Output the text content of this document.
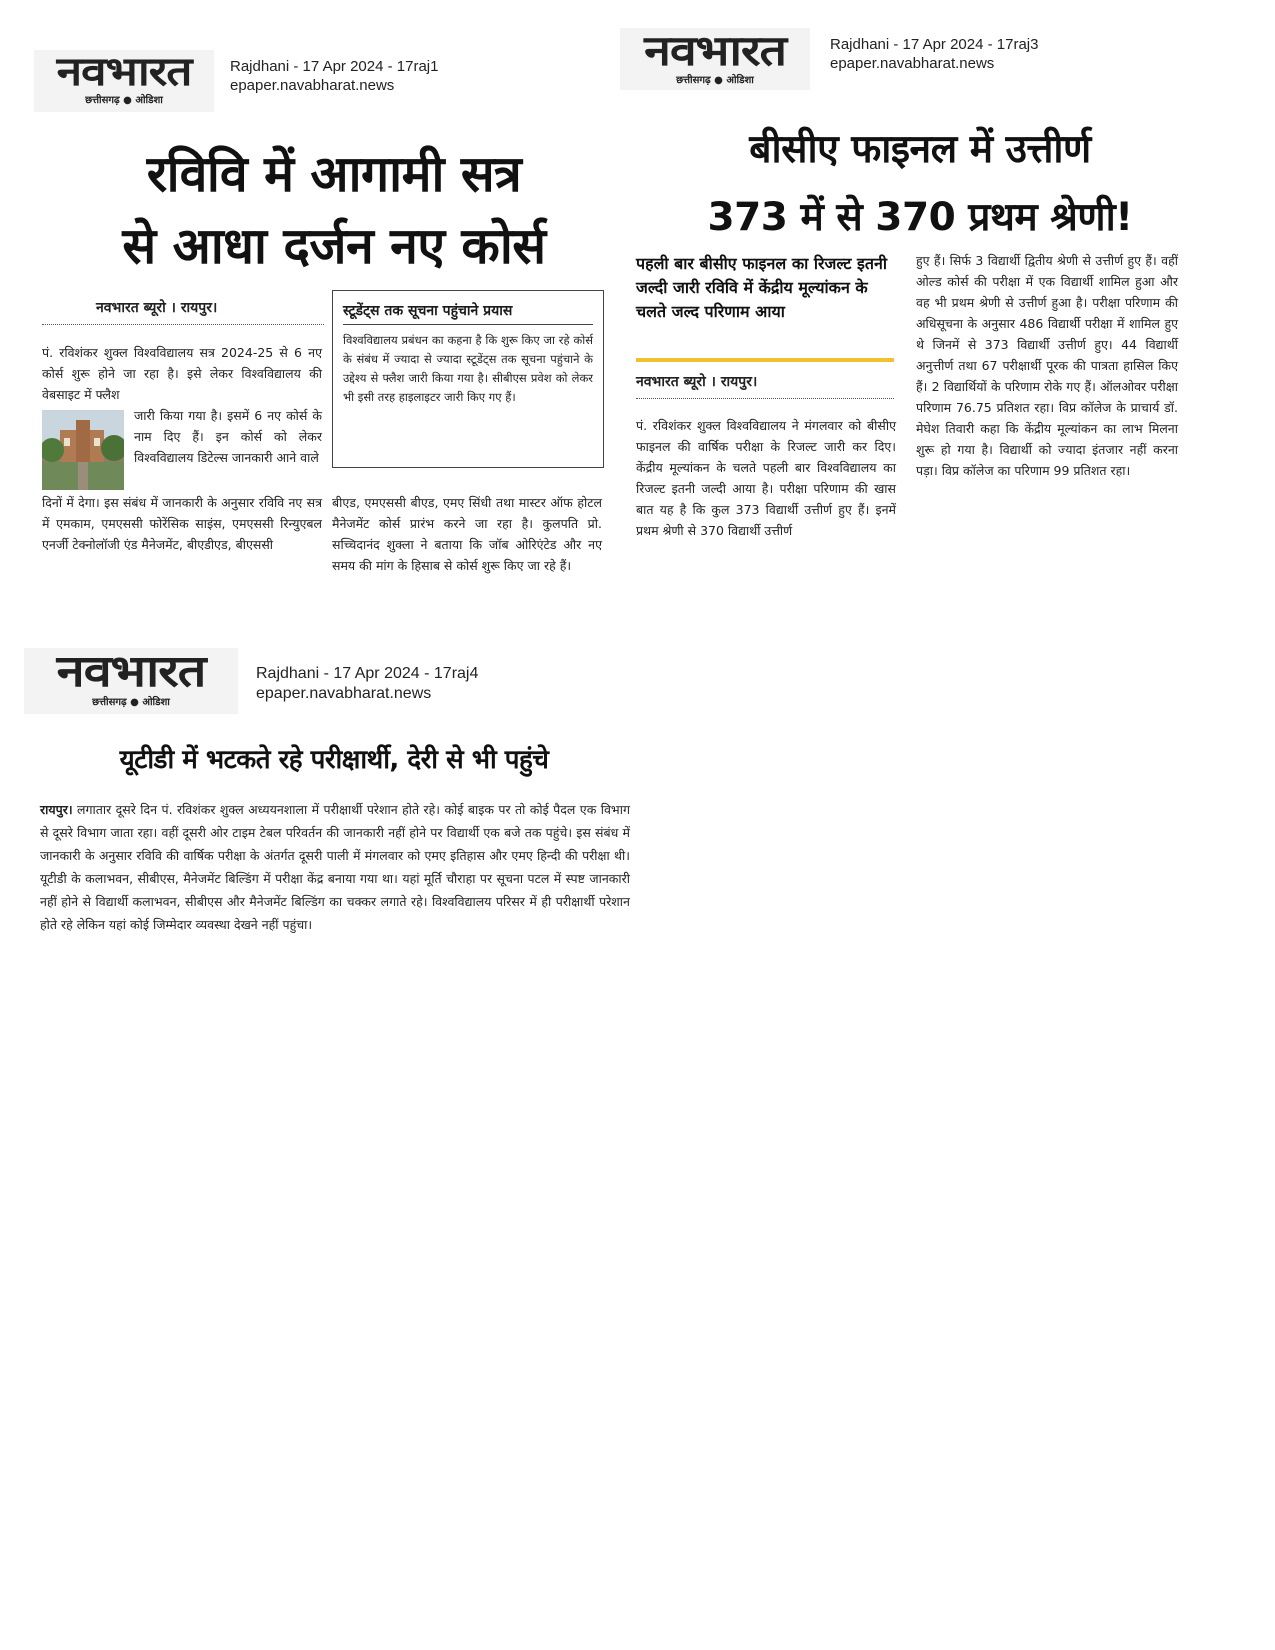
नवभारत
छत्तीसगढ़ ● ओडिशा
Rajdhani - 17 Apr 2024 - 17raj1
epaper.navabharat.news
रविवि में आगामी सत्र
से आधा दर्जन नए कोर्स
नवभारत ब्यूरो । रायपुर।

पं. रविशंकर शुक्ल विश्वविद्यालय सत्र 2024-25 से 6 नए कोर्स शुरू होने जा रहा है। इसे लेकर विश्वविद्यालय की वेबसाइट में फ्लैश

जारी किया गया है। इसमें 6 नए कोर्स के नाम दिए हैं। इन कोर्स को लेकर विश्वविद्यालय डिटेल्स जानकारी आने वाले

दिनों में देगा। इस संबंध में जानकारी के अनुसार रविवि नए सत्र में एमकाम, एमएससी फोरेंसिक साइंस, एमएससी रिन्युएबल एनर्जी टेक्नोलॉजी एंड मैनेजमेंट, बीएडीएड, बीएससी

स्टूडेंट्स तक सूचना पहुंचाने प्रयास

विश्वविद्यालय प्रबंधन का कहना है कि शुरू किए जा रहे कोर्स के संबंध में ज्यादा से ज्यादा स्टूडेंट्स तक सूचना पहुंचाने के उद्देश्य से फ्लैश जारी किया गया है। सीबीएस प्रवेश को लेकर भी इसी तरह हाइलाइटर जारी किए गए हैं।

बीएड, एमएससी बीएड, एमए सिंधी तथा मास्टर ऑफ होटल मैनेजमेंट कोर्स प्रारंभ करने जा रहा है। कुलपति प्रो. सच्चिदानंद शुक्ला ने बताया कि जॉब ओरिएंटेड और नए समय की मांग के हिसाब से कोर्स शुरू किए जा रहे हैं।

नवभारत
छत्तीसगढ़ ● ओडिशा
Rajdhani - 17 Apr 2024 - 17raj3
epaper.navabharat.news
बीसीए फाइनल में उत्तीर्ण
373 में से 370 प्रथम श्रेणी!
पहली बार बीसीए फाइनल का रिजल्ट इतनी जल्दी जारी रविवि में केंद्रीय मूल्यांकन के चलते जल्द परिणाम आया
नवभारत ब्यूरो । रायपुर।

पं. रविशंकर शुक्ल विश्वविद्यालय ने मंगलवार को बीसीए फाइनल की वार्षिक परीक्षा के रिजल्ट जारी कर दिए। केंद्रीय मूल्यांकन के चलते पहली बार विश्वविद्यालय का रिजल्ट इतनी जल्दी आया है। परीक्षा परिणाम की खास बात यह है कि कुल 373 विद्यार्थी उत्तीर्ण हुए हैं। इनमें प्रथम श्रेणी से 370 विद्यार्थी उत्तीर्ण

हुए हैं। सिर्फ 3 विद्यार्थी द्वितीय श्रेणी से उत्तीर्ण हुए हैं। वहीं ओल्ड कोर्स की परीक्षा में एक विद्यार्थी शामिल हुआ और वह भी प्रथम श्रेणी से उत्तीर्ण हुआ है। परीक्षा परिणाम की अधिसूचना के अनुसार 486 विद्यार्थी परीक्षा में शामिल हुए थे जिनमें से 373 विद्यार्थी उत्तीर्ण हुए। 44 विद्यार्थी अनुत्तीर्ण तथा 67 परीक्षार्थी पूरक की पात्रता हासिल किए हैं। 2 विद्यार्थियों के परिणाम रोके गए हैं। ऑलओवर परीक्षा परिणाम 76.75 प्रतिशत रहा। विप्र कॉलेज के प्राचार्य डॉ. मेघेश तिवारी कहा कि केंद्रीय मूल्यांकन का लाभ मिलना शुरू हो गया है। विद्यार्थी को ज्यादा इंतजार नहीं करना पड़ा। विप्र कॉलेज का परिणाम 99 प्रतिशत रहा।

नवभारत
छत्तीसगढ़ ● ओडिशा
Rajdhani - 17 Apr 2024 - 17raj4
epaper.navabharat.news
यूटीडी में भटकते रहे परीक्षार्थी, देरी से भी पहुंचे

रायपुर। लगातार दूसरे दिन पं. रविशंकर शुक्ल अध्ययनशाला में परीक्षार्थी परेशान होते रहे। कोई बाइक पर तो कोई पैदल एक विभाग से दूसरे विभाग जाता रहा। वहीं दूसरी ओर टाइम टेबल परिवर्तन की जानकारी नहीं होने पर विद्यार्थी एक बजे तक पहुंचे। इस संबंध में जानकारी के अनुसार रविवि की वार्षिक परीक्षा के अंतर्गत दूसरी पाली में मंगलवार को एमए इतिहास और एमए हिन्दी की परीक्षा थी। यूटीडी के कलाभवन, सीबीएस, मैनेजमेंट बिल्डिंग में परीक्षा केंद्र बनाया गया था। यहां मूर्ति चौराहा पर सूचना पटल में स्पष्ट जानकारी नहीं होने से विद्यार्थी कलाभवन, सीबीएस और मैनेजमेंट बिल्डिंग का चक्कर लगाते रहे। विश्वविद्यालय परिसर में ही परीक्षार्थी परेशान होते रहे लेकिन यहां कोई जिम्मेदार व्यवस्था देखने नहीं पहुंचा।
